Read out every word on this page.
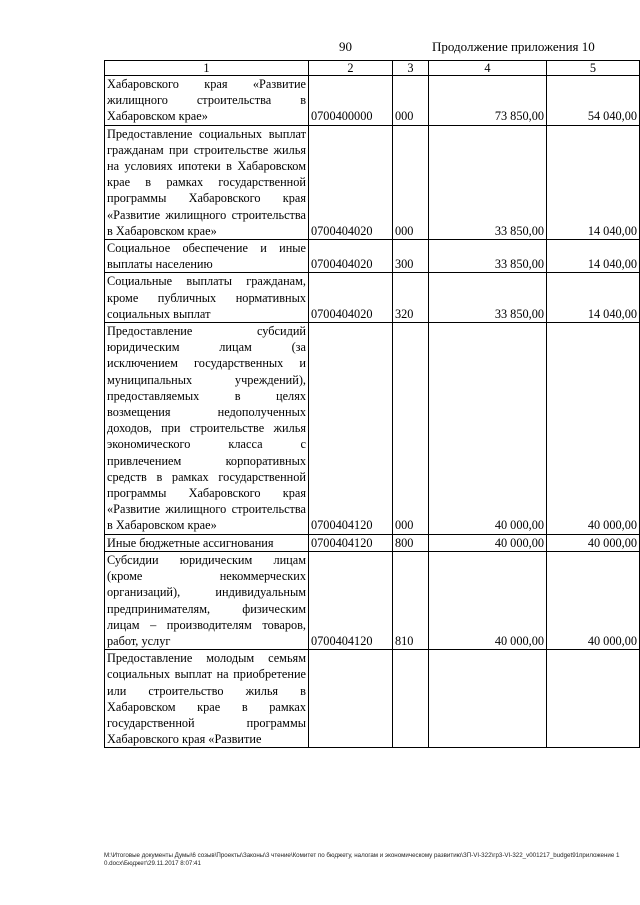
90	Продолжение приложения 10
1	2	3	4	5
Хабаровского края «Развитие жилищного строительства в Хабаровском крае»	0700400000	000	73 850,00	54 040,00
Предоставление социальных выплат гражданам при строительстве жилья на условиях ипотеки в Хабаровском крае в рамках государственной программы Хабаровского края «Развитие жилищного строительства в Хабаровском крае»	0700404020	000	33 850,00	14 040,00
Социальное обеспечение и иные выплаты населению	0700404020	300	33 850,00	14 040,00
Социальные выплаты гражданам, кроме публичных нормативных социальных выплат	0700404020	320	33 850,00	14 040,00
Предоставление субсидий юридическим лицам (за исключением государственных и муниципальных учреждений), предоставляемых в целях возмещения недополученных доходов, при строительстве жилья экономического класса с привлечением корпоративных средств в рамках государственной программы Хабаровского края «Развитие жилищного строительства в Хабаровском крае»	0700404120	000	40 000,00	40 000,00
Иные бюджетные ассигнования	0700404120	800	40 000,00	40 000,00
Субсидии юридическим лицам (кроме некоммерческих организаций), индивидуальным предпринимателям, физическим лицам – производителям товаров, работ, услуг	0700404120	810	40 000,00	40 000,00
Предоставление молодым семьям социальных выплат на приобретение или строительство жилья в Хабаровском крае в рамках государственной программы Хабаровского края «Развитие				
M:\Итоговые документы Думы\6 созыв\Проекты\Законы\3 чтение\Комитет по бюджету, налогам и экономическому развитию\ЗП-VI-322\гр3-VI-322_v001217_budget91приложение 10.docx\Бюджет\29.11.2017 8:07:41
